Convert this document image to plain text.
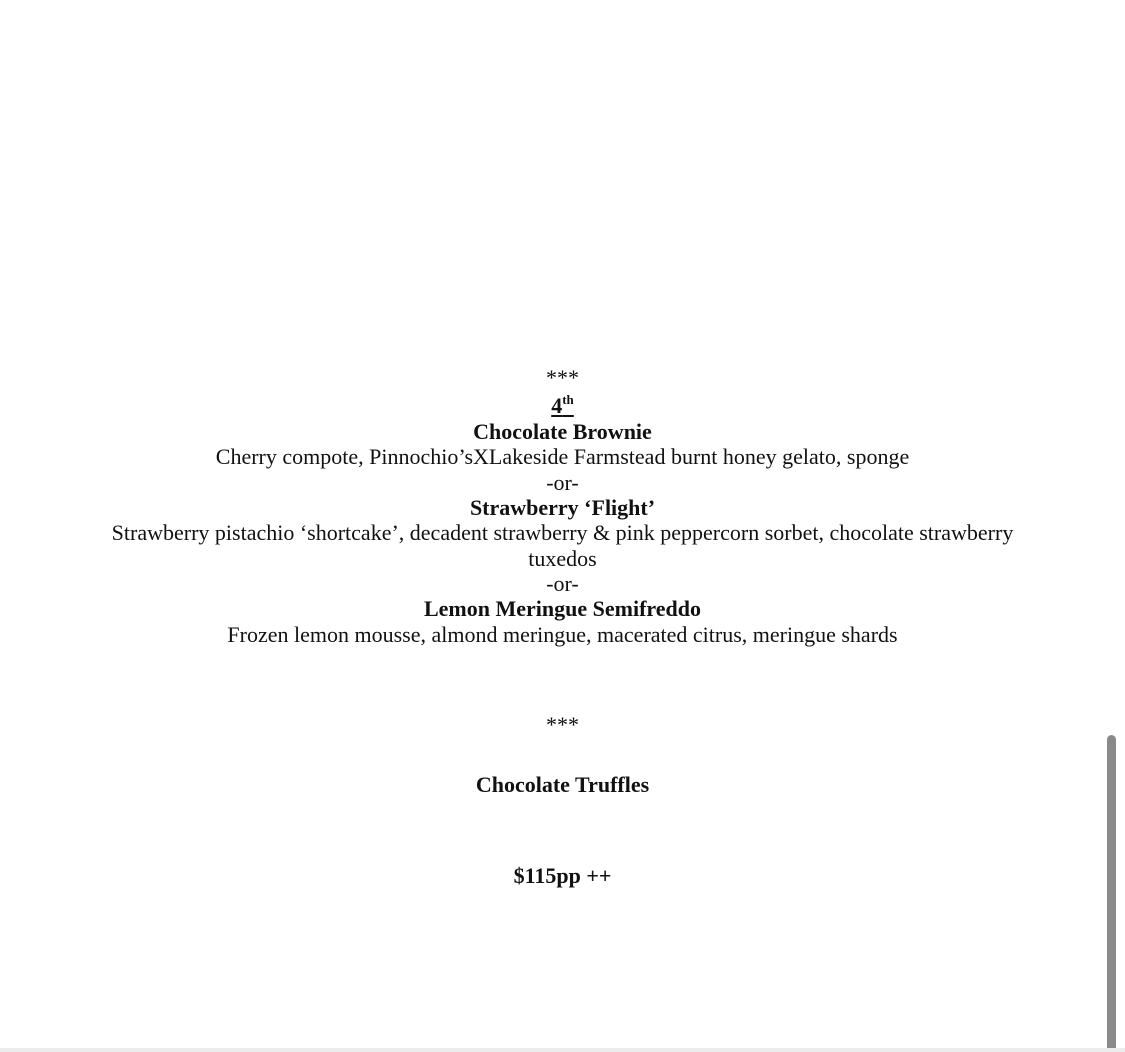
***
4th
Chocolate Brownie
Cherry compote, Pinnochio’sXLakeside Farmstead burnt honey gelato, sponge
-or-
Strawberry ‘Flight’
Strawberry pistachio ‘shortcake’, decadent strawberry & pink peppercorn sorbet, chocolate strawberry
tuxedos
-or-
Lemon Meringue Semifreddo
Frozen lemon mousse, almond meringue, macerated citrus, meringue shards
***
Chocolate Truffles
$115pp ++
